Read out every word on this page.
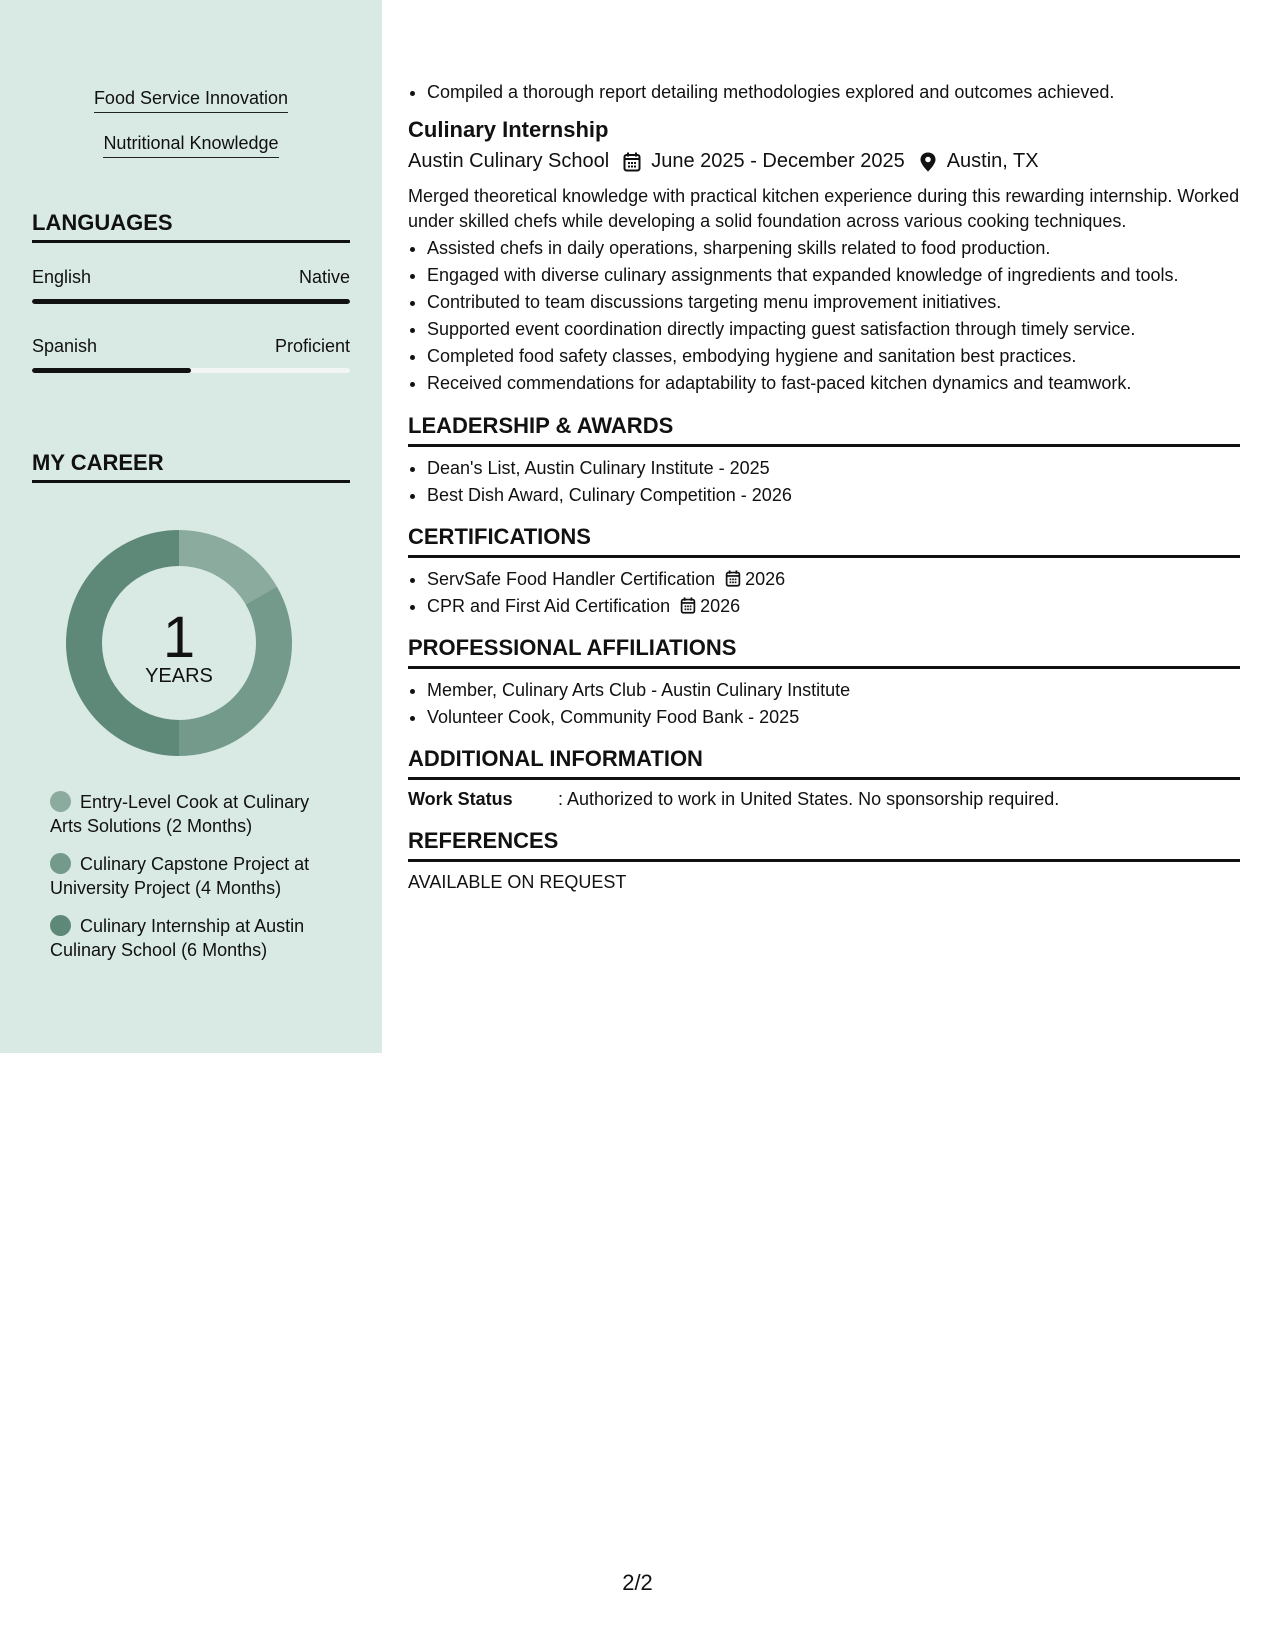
Food Service Innovation
Nutritional Knowledge
LANGUAGES
English	Native
Spanish	Proficient
MY CAREER
1
YEARS
Entry-Level Cook at Culinary Arts Solutions (2 Months)
Culinary Capstone Project at University Project (4 Months)
Culinary Internship at Austin Culinary School (6 Months)
• Compiled a thorough report detailing methodologies explored and outcomes achieved.
Culinary Internship
Austin Culinary School June 2025 - December 2025 Austin, TX
Merged theoretical knowledge with practical kitchen experience during this rewarding internship. Worked under skilled chefs while developing a solid foundation across various cooking techniques.
• Assisted chefs in daily operations, sharpening skills related to food production.
• Engaged with diverse culinary assignments that expanded knowledge of ingredients and tools.
• Contributed to team discussions targeting menu improvement initiatives.
• Supported event coordination directly impacting guest satisfaction through timely service.
• Completed food safety classes, embodying hygiene and sanitation best practices.
• Received commendations for adaptability to fast-paced kitchen dynamics and teamwork.
LEADERSHIP & AWARDS
• Dean's List, Austin Culinary Institute - 2025
• Best Dish Award, Culinary Competition - 2026
CERTIFICATIONS
• ServSafe Food Handler Certification 2026
• CPR and First Aid Certification 2026
PROFESSIONAL AFFILIATIONS
• Member, Culinary Arts Club - Austin Culinary Institute
• Volunteer Cook, Community Food Bank - 2025
ADDITIONAL INFORMATION
Work Status	: Authorized to work in United States. No sponsorship required.
REFERENCES
AVAILABLE ON REQUEST
2/2
